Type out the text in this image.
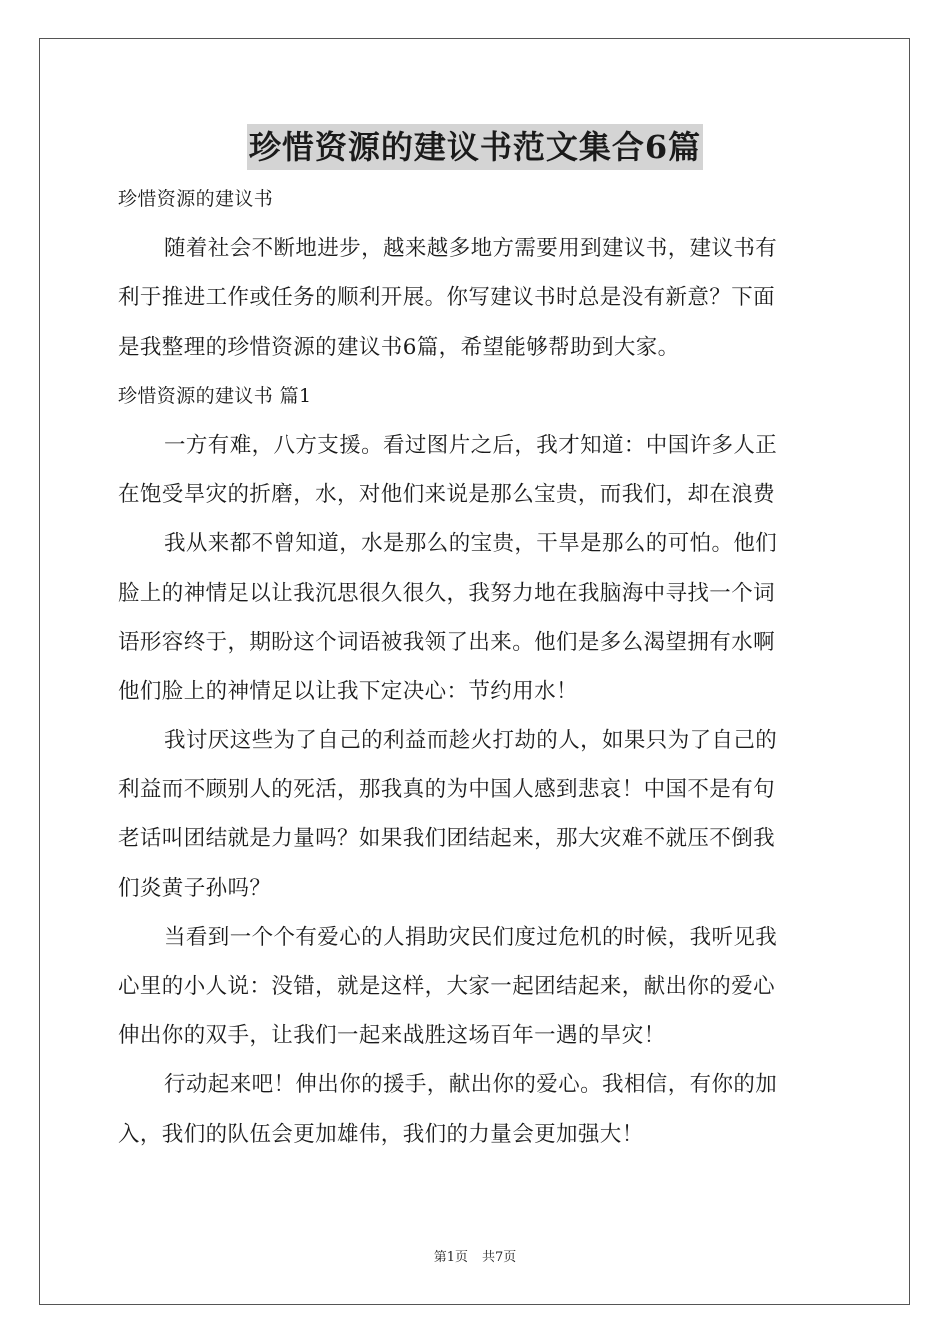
珍惜资源的建议书范文集合6篇
珍惜资源的建议书
随着社会不断地进步，越来越多地方需要用到建议书，建议书有
利于推进工作或任务的顺利开展。你写建议书时总是没有新意？下面
是我整理的珍惜资源的建议书6篇，希望能够帮助到大家。
珍惜资源的建议书 篇1
一方有难，八方支援。看过图片之后，我才知道：中国许多人正
在饱受旱灾的折磨，水，对他们来说是那么宝贵，而我们，却在浪费
我从来都不曾知道，水是那么的宝贵，干旱是那么的可怕。他们
脸上的神情足以让我沉思很久很久，我努力地在我脑海中寻找一个词
语形容终于，期盼这个词语被我领了出来。他们是多么渴望拥有水啊
他们脸上的神情足以让我下定决心：节约用水！
我讨厌这些为了自己的利益而趁火打劫的人，如果只为了自己的
利益而不顾别人的死活，那我真的为中国人感到悲哀！中国不是有句
老话叫团结就是力量吗？如果我们团结起来，那大灾难不就压不倒我
们炎黄子孙吗？
当看到一个个有爱心的人捐助灾民们度过危机的时候，我听见我
心里的小人说：没错，就是这样，大家一起团结起来，献出你的爱心
伸出你的双手，让我们一起来战胜这场百年一遇的旱灾！
行动起来吧！伸出你的援手，献出你的爱心。我相信，有你的加
入，我们的队伍会更加雄伟，我们的力量会更加强大！
第1页 共7页
